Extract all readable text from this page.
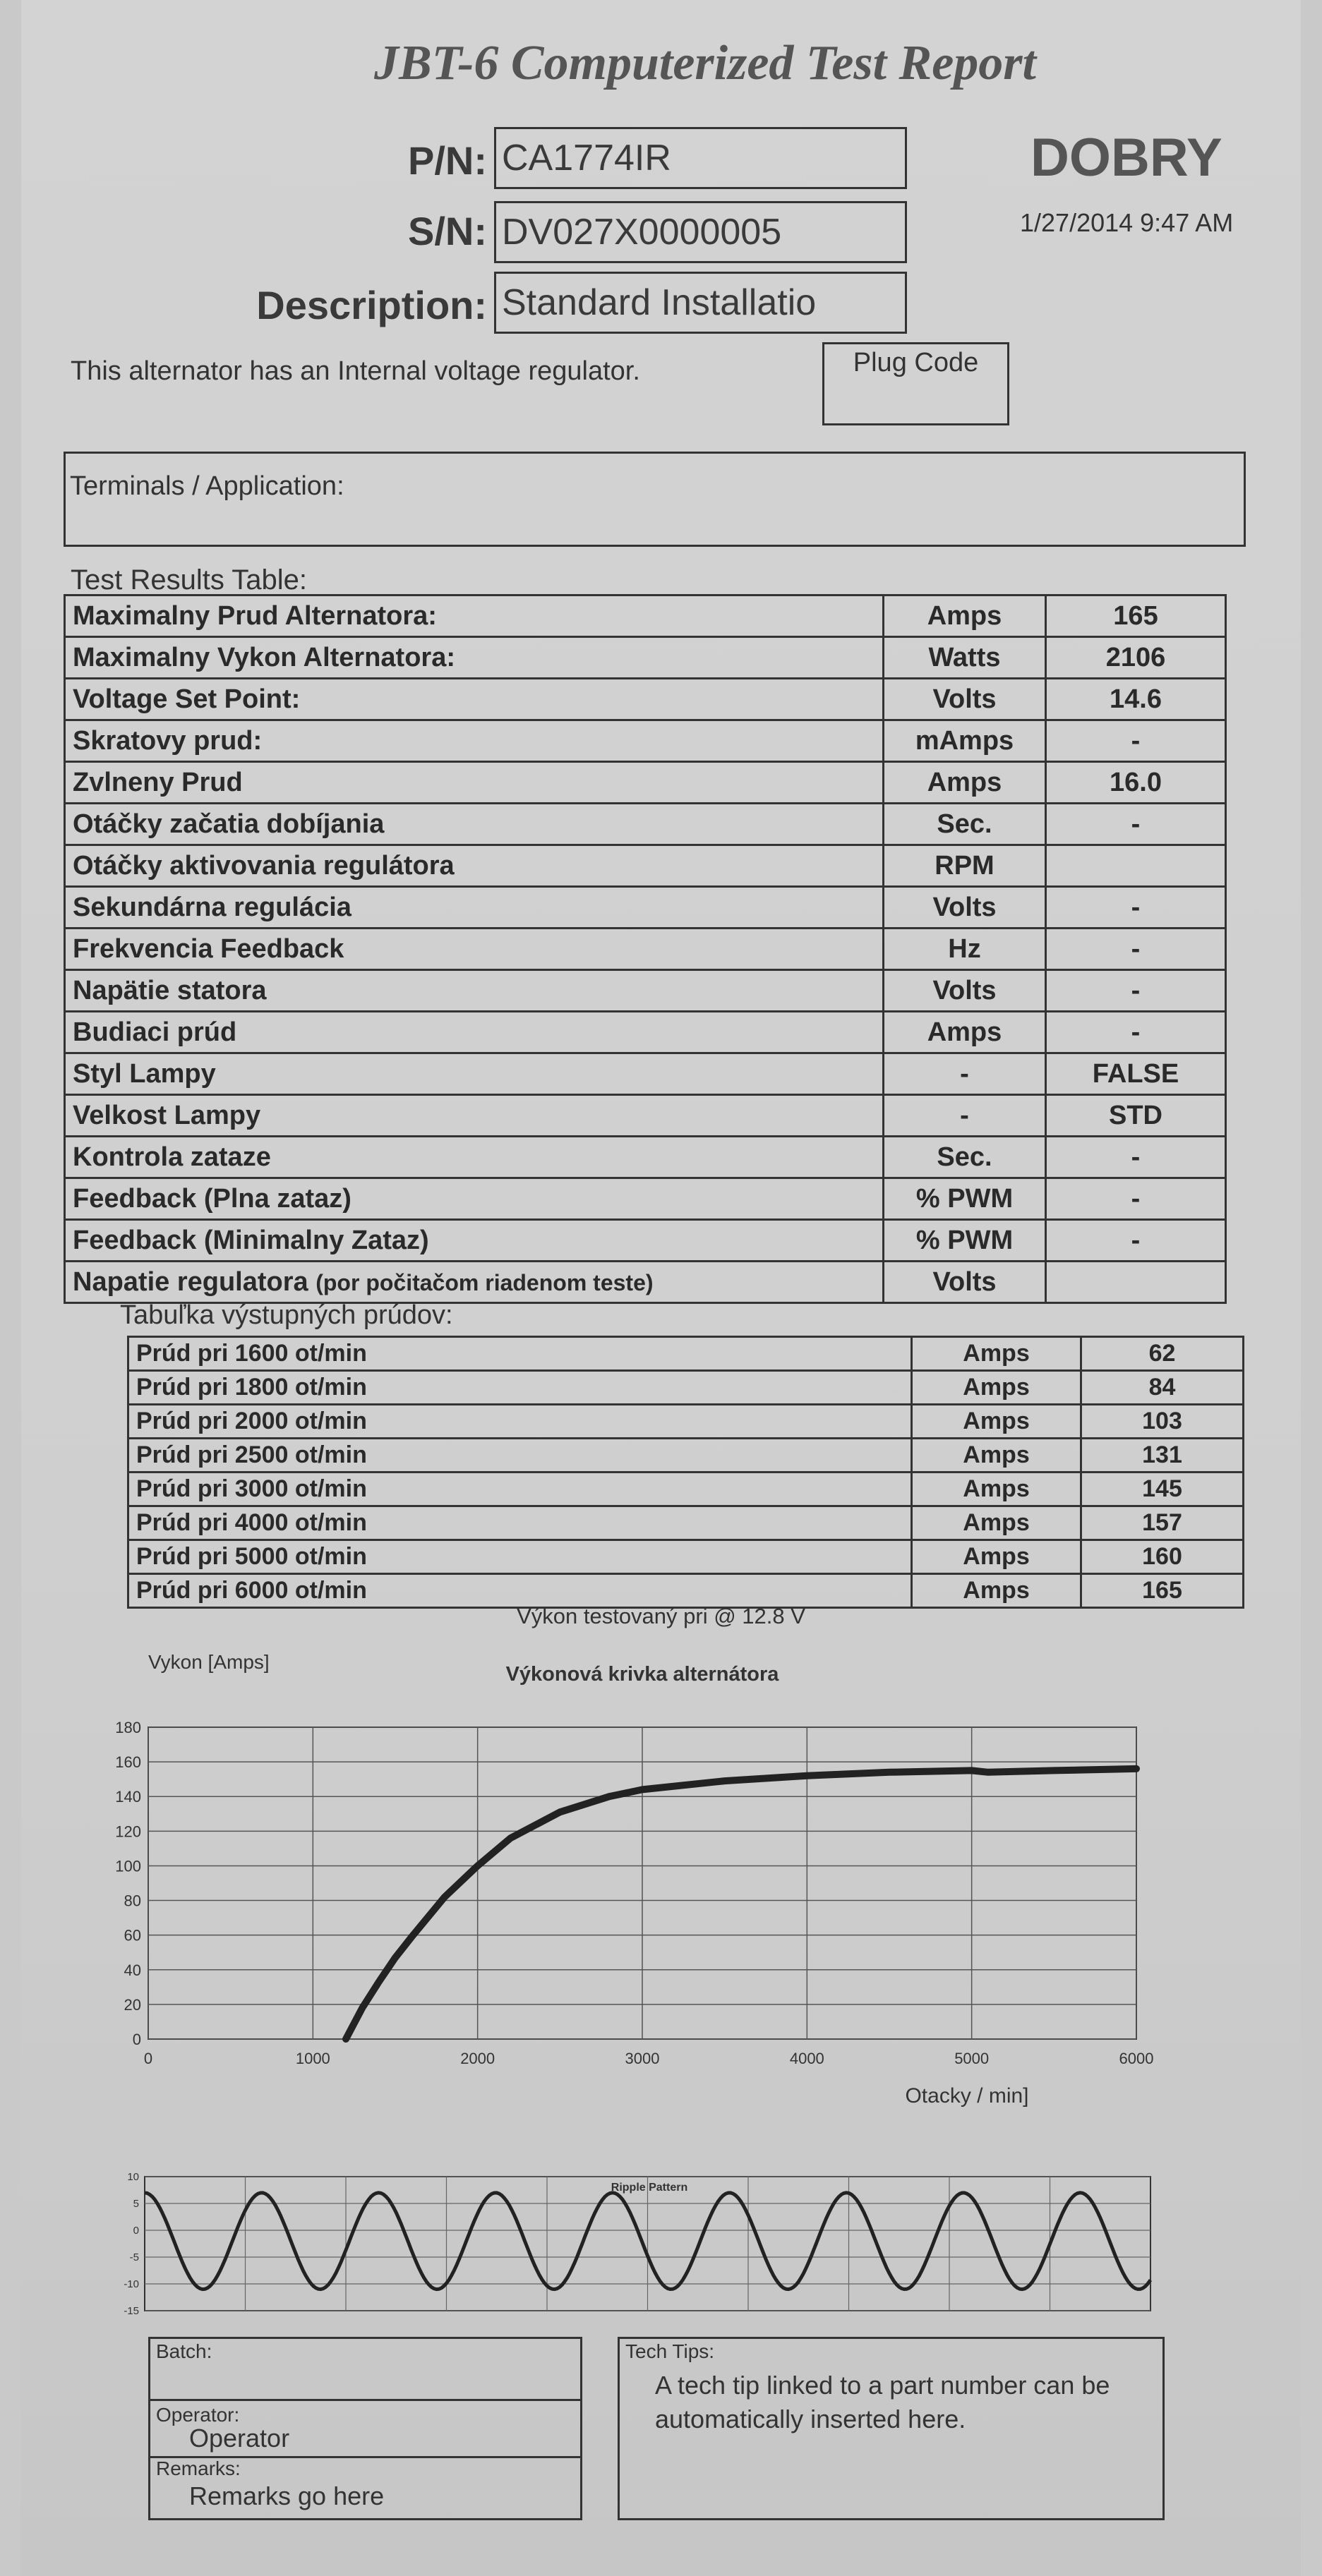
JBT-6 Computerized Test Report
P/N: CA1774IR
S/N: DV027X0000005
Description: Standard Installatio
DOBRY
1/27/2014 9:47 AM
This alternator has an Internal voltage regulator.	Plug Code
Terminals / Application:
Test Results Table:
Maximalny Prud Alternatora:	Amps	165
Maximalny Vykon Alternatora:	Watts	2106
Voltage Set Point:	Volts	14.6
Skratovy prud:	mAmps	-
Zvlneny Prud	Amps	16.0
Otáčky začatia dobíjania	Sec.	-
Otáčky aktivovania regulátora	RPM	
Sekundárna regulácia	Volts	-
Frekvencia Feedback	Hz	-
Napätie statora	Volts	-
Budiaci prúd	Amps	-
Styl Lampy	-	FALSE
Velkost Lampy	-	STD
Kontrola zataze	Sec.	-
Feedback (Plna zataz)	% PWM	-
Feedback (Minimalny Zataz)	% PWM	-
Napatie regulatora (por počitačom riadenom teste)	Volts	
Tabuľka výstupných prúdov:
Prúd pri 1600 ot/min	Amps	62
Prúd pri 1800 ot/min	Amps	84
Prúd pri 2000 ot/min	Amps	103
Prúd pri 2500 ot/min	Amps	131
Prúd pri 3000 ot/min	Amps	145
Prúd pri 4000 ot/min	Amps	157
Prúd pri 5000 ot/min	Amps	160
Prúd pri 6000 ot/min	Amps	165
Výkon testovaný pri @ 12.8 V
0
20
40
60
80
100
120
140
160
180
0	1000	2000	3000	4000	5000	6000
Vykon [Amps]
Výkonová krivka alternátora
Otacky / min]
10
5
0
-5
-10
-15
Ripple Pattern
Batch:
Operator:
Operator
Remarks:
Remarks go here
Tech Tips:
A tech tip linked to a part number can be automatically inserted here.
